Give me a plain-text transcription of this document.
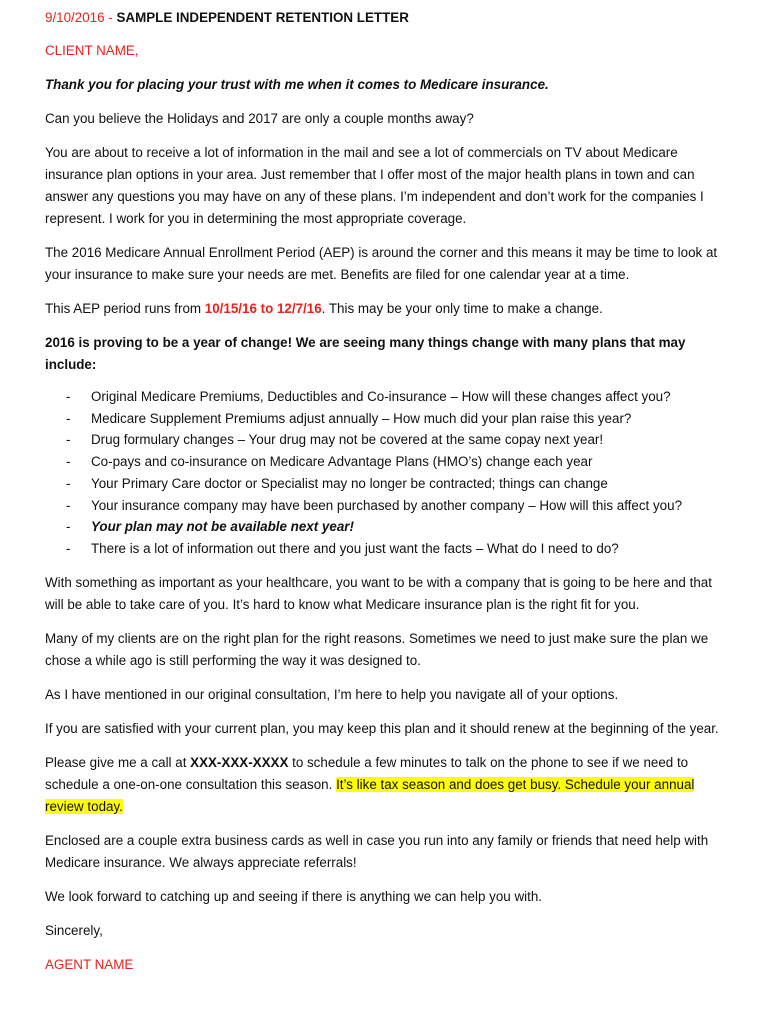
9/10/2016 - SAMPLE INDEPENDENT RETENTION LETTER

CLIENT NAME,

Thank you for placing your trust with me when it comes to Medicare insurance.

Can you believe the Holidays and 2017 are only a couple months away?

You are about to receive a lot of information in the mail and see a lot of commercials on TV about Medicare insurance plan options in your area. Just remember that I offer most of the major health plans in town and can answer any questions you may have on any of these plans. I’m independent and don’t work for the companies I represent. I work for you in determining the most appropriate coverage.

The 2016 Medicare Annual Enrollment Period (AEP) is around the corner and this means it may be time to look at your insurance to make sure your needs are met. Benefits are filed for one calendar year at a time.

This AEP period runs from 10/15/16 to 12/7/16. This may be your only time to make a change.

2016 is proving to be a year of change! We are seeing many things change with many plans that may include:

- Original Medicare Premiums, Deductibles and Co-insurance – How will these changes affect you?
- Medicare Supplement Premiums adjust annually – How much did your plan raise this year?
- Drug formulary changes – Your drug may not be covered at the same copay next year!
- Co-pays and co-insurance on Medicare Advantage Plans (HMO’s) change each year
- Your Primary Care doctor or Specialist may no longer be contracted; things can change
- Your insurance company may have been purchased by another company – How will this affect you?
- Your plan may not be available next year!
- There is a lot of information out there and you just want the facts – What do I need to do?

With something as important as your healthcare, you want to be with a company that is going to be here and that will be able to take care of you. It’s hard to know what Medicare insurance plan is the right fit for you.

Many of my clients are on the right plan for the right reasons. Sometimes we need to just make sure the plan we chose a while ago is still performing the way it was designed to.

As I have mentioned in our original consultation, I’m here to help you navigate all of your options.

If you are satisfied with your current plan, you may keep this plan and it should renew at the beginning of the year.

Please give me a call at XXX-XXX-XXXX to schedule a few minutes to talk on the phone to see if we need to schedule a one-on-one consultation this season. It’s like tax season and does get busy. Schedule your annual review today.

Enclosed are a couple extra business cards as well in case you run into any family or friends that need help with Medicare insurance. We always appreciate referrals!

We look forward to catching up and seeing if there is anything we can help you with.

Sincerely,

AGENT NAME
